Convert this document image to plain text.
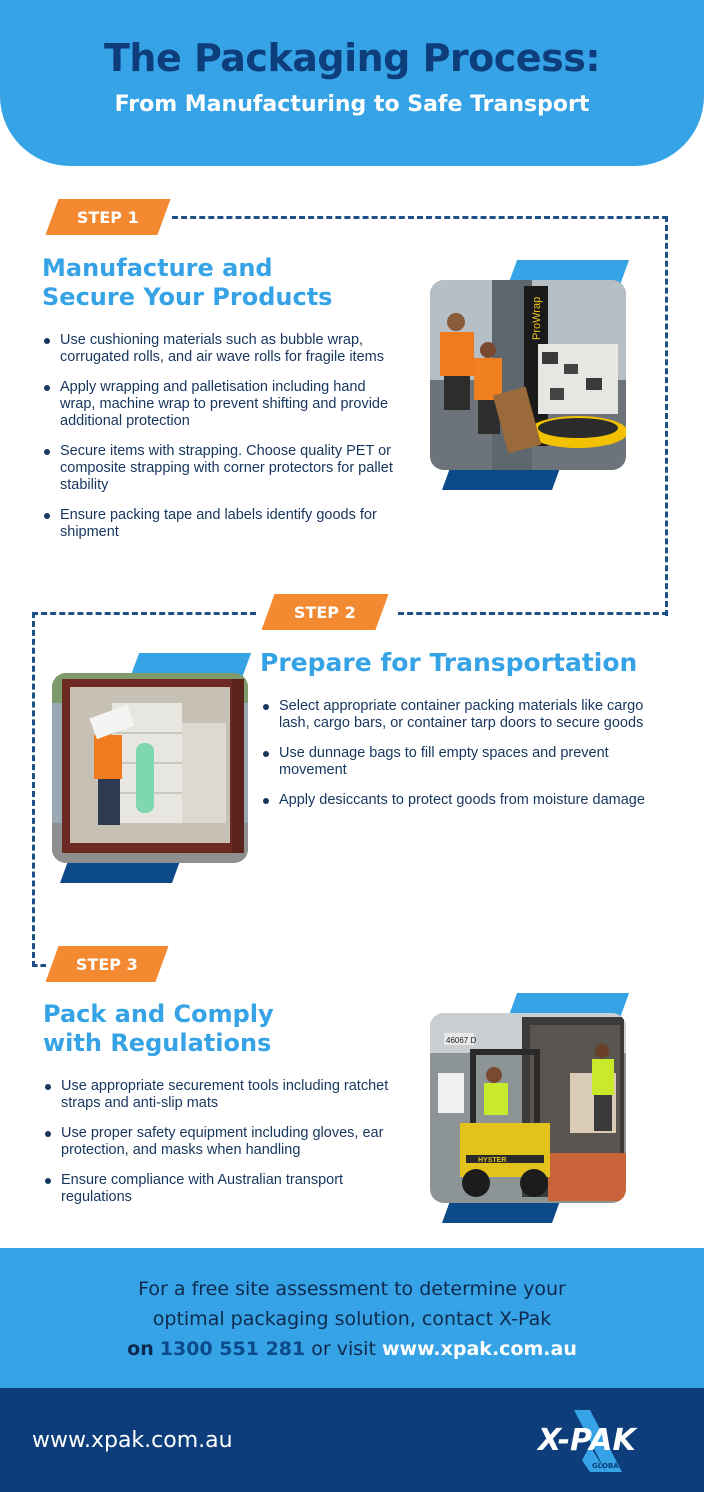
The Packaging Process:
From Manufacturing to Safe Transport
STEP 1
Manufacture and
Secure Your Products
Use cushioning materials such as bubble wrap, corrugated rolls, and air wave rolls for fragile items
Apply wrapping and palletisation including hand wrap, machine wrap to prevent shifting and provide additional protection
Secure items with strapping. Choose quality PET or composite strapping with corner protectors for pallet stability
Ensure packing tape and labels identify goods for shipment
ProWrap
STEP 2
Prepare for Transportation
Select appropriate container packing materials like cargo lash, cargo bars, or container tarp doors to secure goods
Use dunnage bags to fill empty spaces and prevent movement
Apply desiccants to protect goods from moisture damage
STEP 3
Pack and Comply
with Regulations
Use appropriate securement tools including ratchet straps and anti-slip mats
Use proper safety equipment including gloves, ear protection, and masks when handling
Ensure compliance with Australian transport regulations
46067 D
HYSTER

For a free site assessment to determine your

optimal packaging solution, contact X-Pak

on 1300 551 281 or visit www.xpak.com.au

www.xpak.com.au	X-PAK
GLOBAL
